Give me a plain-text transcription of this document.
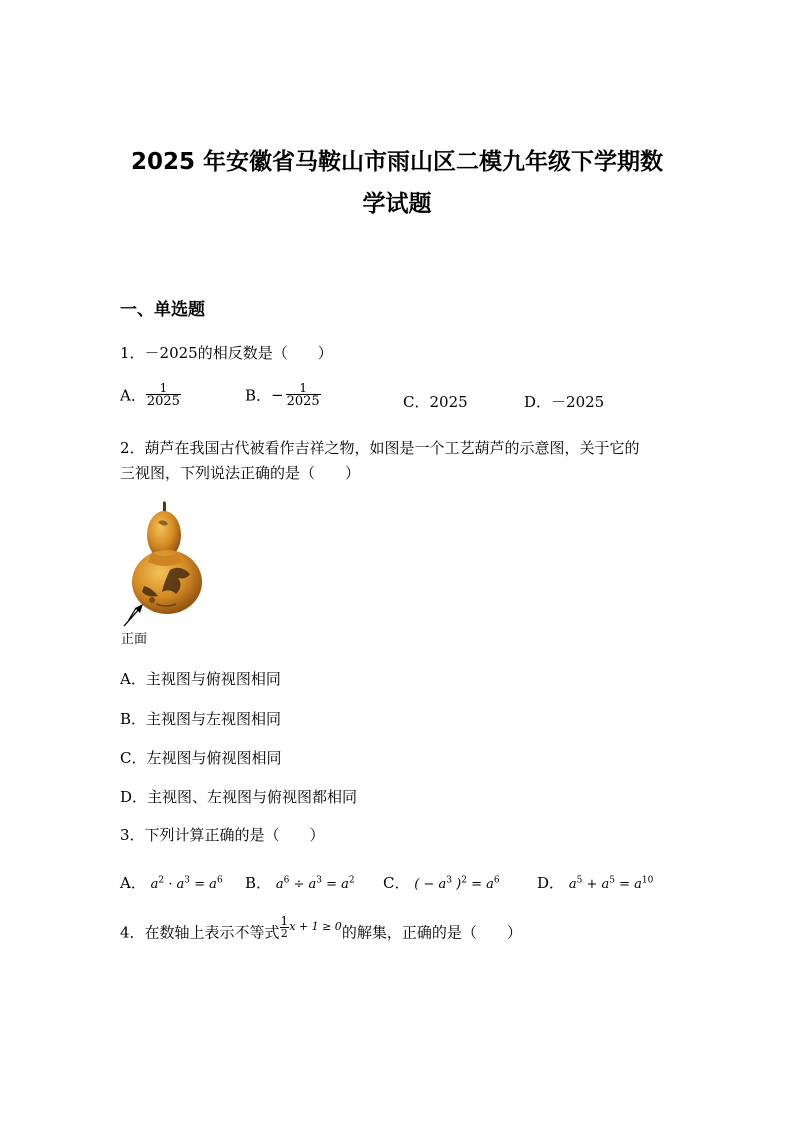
2025 年安徽省马鞍山市雨山区二模九年级下学期数
学试题
一、单选题
1．－2025的相反数是（　　）
A． $\frac{1}{2025}$	B．− $\frac{1}{2025}$	C．2025	D．－2025
2．葫芦在我国古代被看作吉祥之物，如图是一个工艺葫芦的示意图，关于它的
三视图，下列说法正确的是（　　）
正面
A．主视图与俯视图相同
B．主视图与左视图相同
C．左视图与俯视图相同
D．主视图、左视图与俯视图都相同
3．下列计算正确的是（　　）
A． $a^2 \cdot a^3 = a^6$ B． $a^6 \div a^3 = a^2$ C． ( − $a^3$ )$^2 = a^6$ D． $a^5 + a^5 = a^{10}$
4．在数轴上表示不等式 $\frac{1}{2} ^{x + 1 \ge 0}$的解集，正确的是（　　）
